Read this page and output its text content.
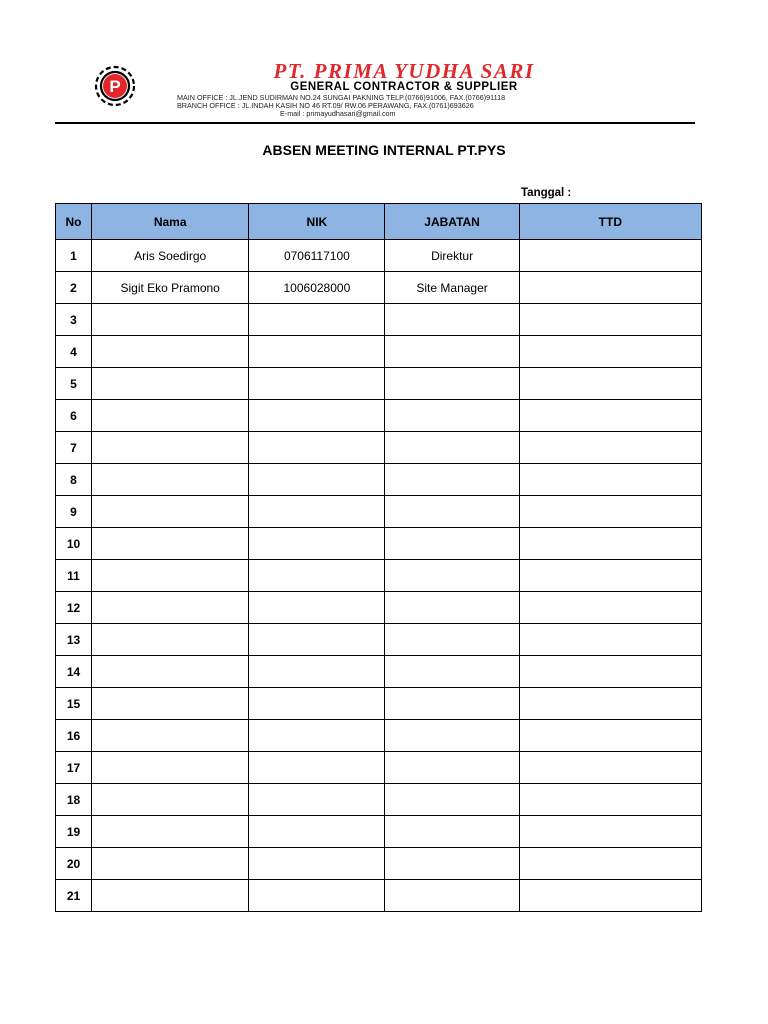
P
PT. PRIMA YUDHA SARI
GENERAL CONTRACTOR & SUPPLIER
MAIN OFFICE : JL.JEND SUDIRMAN NO.24 SUNGAI PAKNING TELP.(0766)91006, FAX.(0766)91118
BRANCH OFFICE : JL.INDAH KASIH NO 46 RT.09/ RW.06 PERAWANG, FAX.(0761)693626
E-mail : primayudhasari@gmail.com
ABSEN MEETING INTERNAL PT.PYS
Tanggal :
No	Nama	NIK	JABATAN	TTD
1	Aris Soedirgo	0706117100	Direktur	
2	Sigit Eko Pramono	1006028000	Site Manager	
3				
4				
5				
6				
7				
8				
9				
10				
11				
12				
13				
14				
15				
16				
17				
18				
19				
20				
21				
